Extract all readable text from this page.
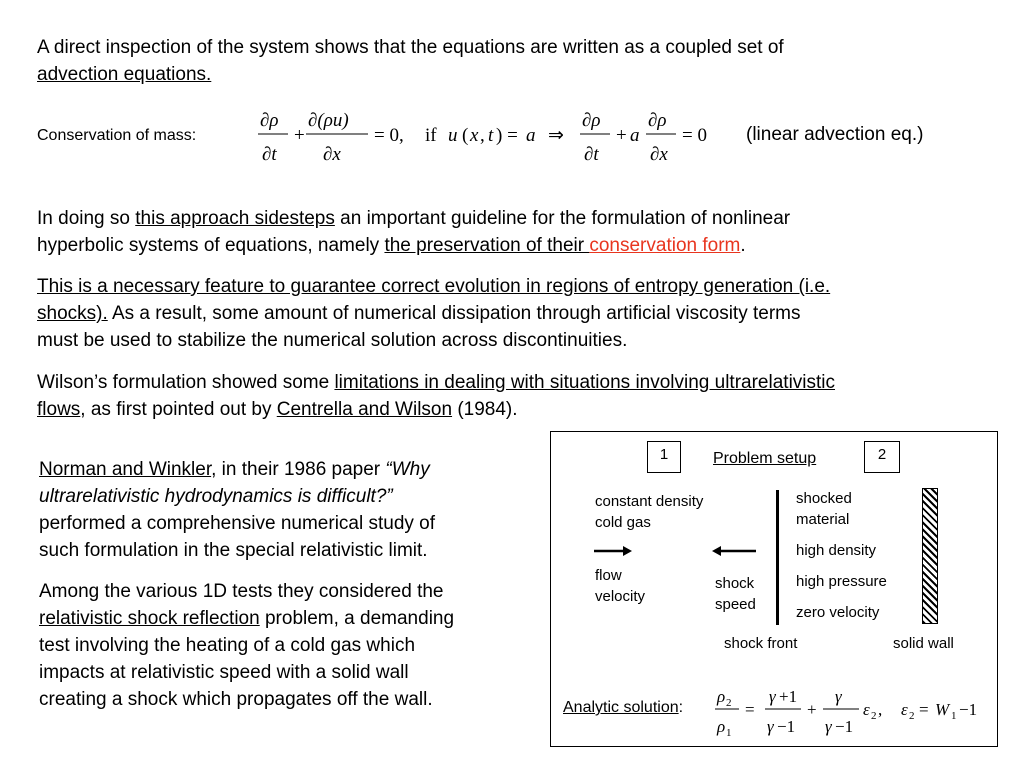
A direct inspection of the system shows that the equations are written as a coupled set of
advection equations.
Conservation of mass:
∂ρ
∂t
+
∂(ρu)
∂x
= 0, if u ( x , t ) = a ⇒
∂ρ
∂t
+ a
∂ρ
∂x
= 0 (linear advection eq.)
In doing so this approach sidesteps an important guideline for the formulation of nonlinear
hyperbolic systems of equations, namely the preservation of their conservation form.
This is a necessary feature to guarantee correct evolution in regions of entropy generation (i.e.
shocks). As a result, some amount of numerical dissipation through artificial viscosity terms
must be used to stabilize the numerical solution across discontinuities.
Wilson’s formulation showed some limitations in dealing with situations involving ultrarelativistic
flows, as first pointed out by Centrella and Wilson (1984).
Norman and Winkler, in their 1986 paper “Why
ultrarelativistic hydrodynamics is difficult?”
performed a comprehensive numerical study of
such formulation in the special relativistic limit.
Among the various 1D tests they considered the
relativistic shock reflection problem, a demanding
test involving the heating of a cold gas which
impacts at relativistic speed with a solid wall
creating a shock which propagates off the wall.
1	2
Problem setup
constant density
cold gas
shocked
material
high density
high pressure
zero velocity
flow
velocity
shock
speed
shock front	solid wall
Analytic solution:
ρ 2
ρ 1
=
γ +1
γ −1
+
γ
γ −1
ε 2 , ε 2 = W 1 −1
